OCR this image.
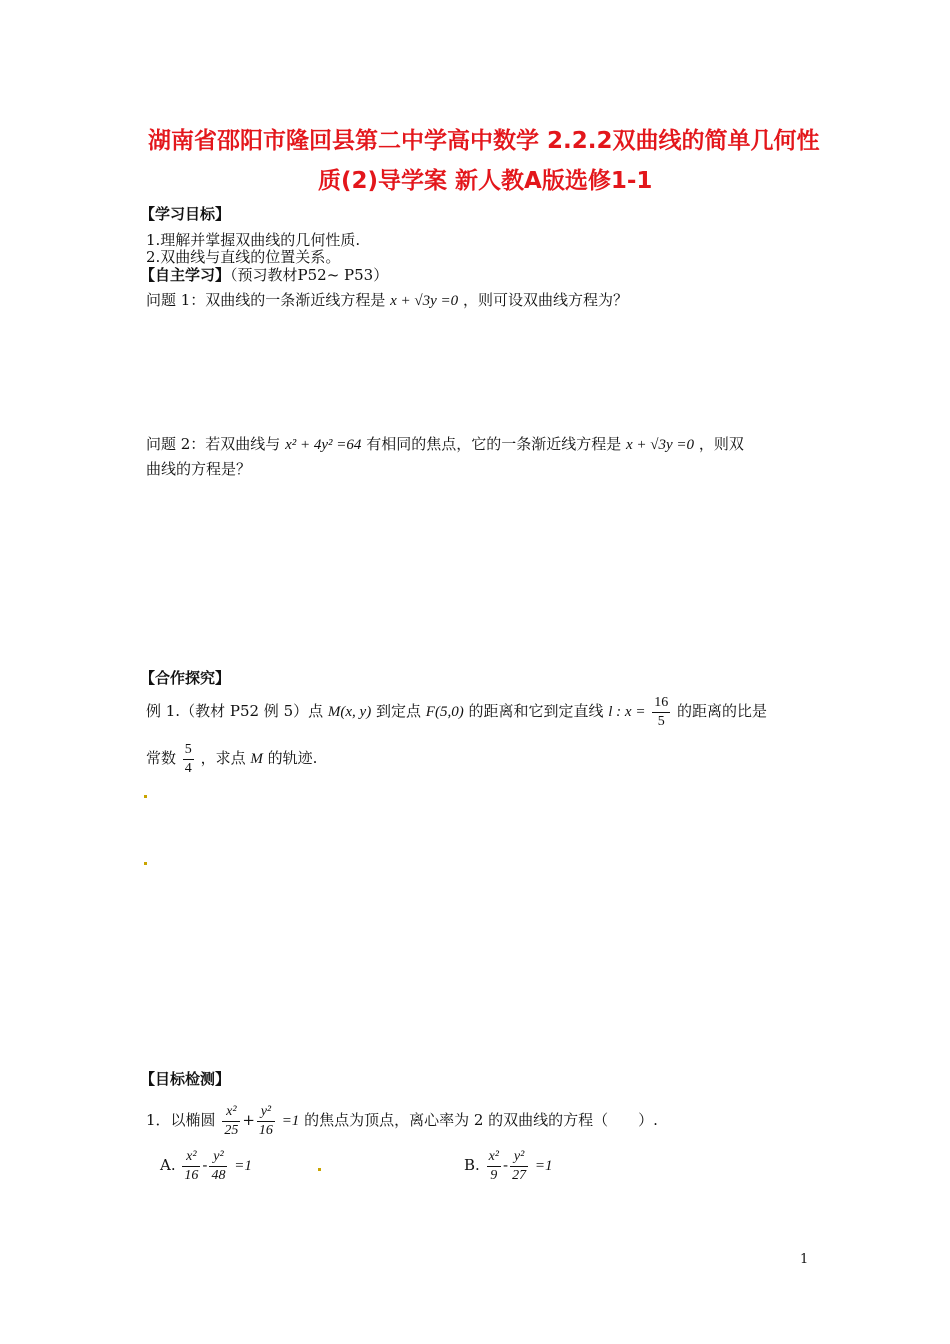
湖南省邵阳市隆回县第二中学高中数学 2.2.2双曲线的简单几何性
质(2)导学案 新人教A版选修1-1
【学习目标】
1.理解并掌握双曲线的几何性质.
2.双曲线与直线的位置关系。
【自主学习】（预习教材P52~ P53）
问题 1：双曲线的一条渐近线方程是 x + √3y =0 ，则可设双曲线方程为？
问题 2：若双曲线与 x² + 4y² =64 有相同的焦点，它的一条渐近线方程是 x + √3y =0 ，则双
曲线的方程是？
【合作探究】
例 1.（教材 P52 例 5）点 M(x, y) 到定点 F(5,0) 的距离和它到定直线 l : $x = \frac{16}{5}$ 的距离的比是
常数 $\frac{5}{4}$ ，求点 M 的轨迹.
【目标检测】
1．以椭圆 $\frac{\text{x²}}{25} + \frac{\text{y²}}{16} =1$ 的焦点为顶点，离心率为 2 的双曲线的方程（　　）.
A. $\frac{\text{x²}}{16} - \frac{\text{y²}}{48} =1$	B. $\frac{\text{x²}}{9} - \frac{\text{y²}}{27} =1$
1
